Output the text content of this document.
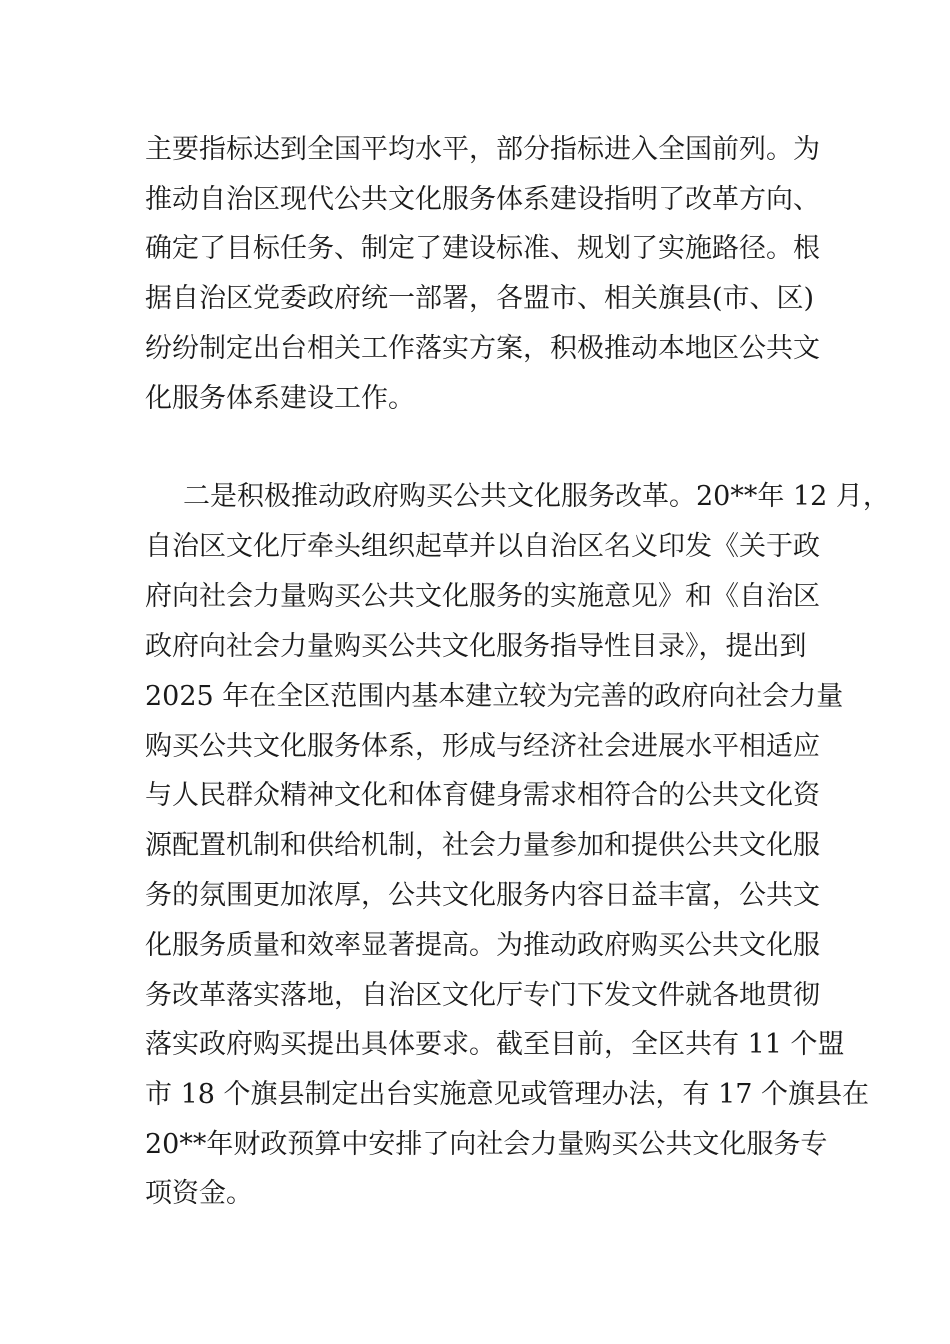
主要指标达到全国平均水平，部分指标进入全国前列。为

推动自治区现代公共文化服务体系建设指明了改革方向、

确定了目标任务、制定了建设标准、规划了实施路径。根

据自治区党委政府统一部署，各盟市、相关旗县(市、区)

纷纷制定出台相关工作落实方案，积极推动本地区公共文

化服务体系建设工作。

二是积极推动政府购买公共文化服务改革。20**年 12 月，

自治区文化厅牵头组织起草并以自治区名义印发《关于政

府向社会力量购买公共文化服务的实施意见》和《自治区

政府向社会力量购买公共文化服务指导性目录》，提出到

2025 年在全区范围内基本建立较为完善的政府向社会力量

购买公共文化服务体系，形成与经济社会进展水平相适应

与人民群众精神文化和体育健身需求相符合的公共文化资

源配置机制和供给机制，社会力量参加和提供公共文化服

务的氛围更加浓厚，公共文化服务内容日益丰富，公共文

化服务质量和效率显著提高。为推动政府购买公共文化服

务改革落实落地，自治区文化厅专门下发文件就各地贯彻

落实政府购买提出具体要求。截至目前，全区共有 11 个盟

市 18 个旗县制定出台实施意见或管理办法，有 17 个旗县在

20**年财政预算中安排了向社会力量购买公共文化服务专

项资金。
